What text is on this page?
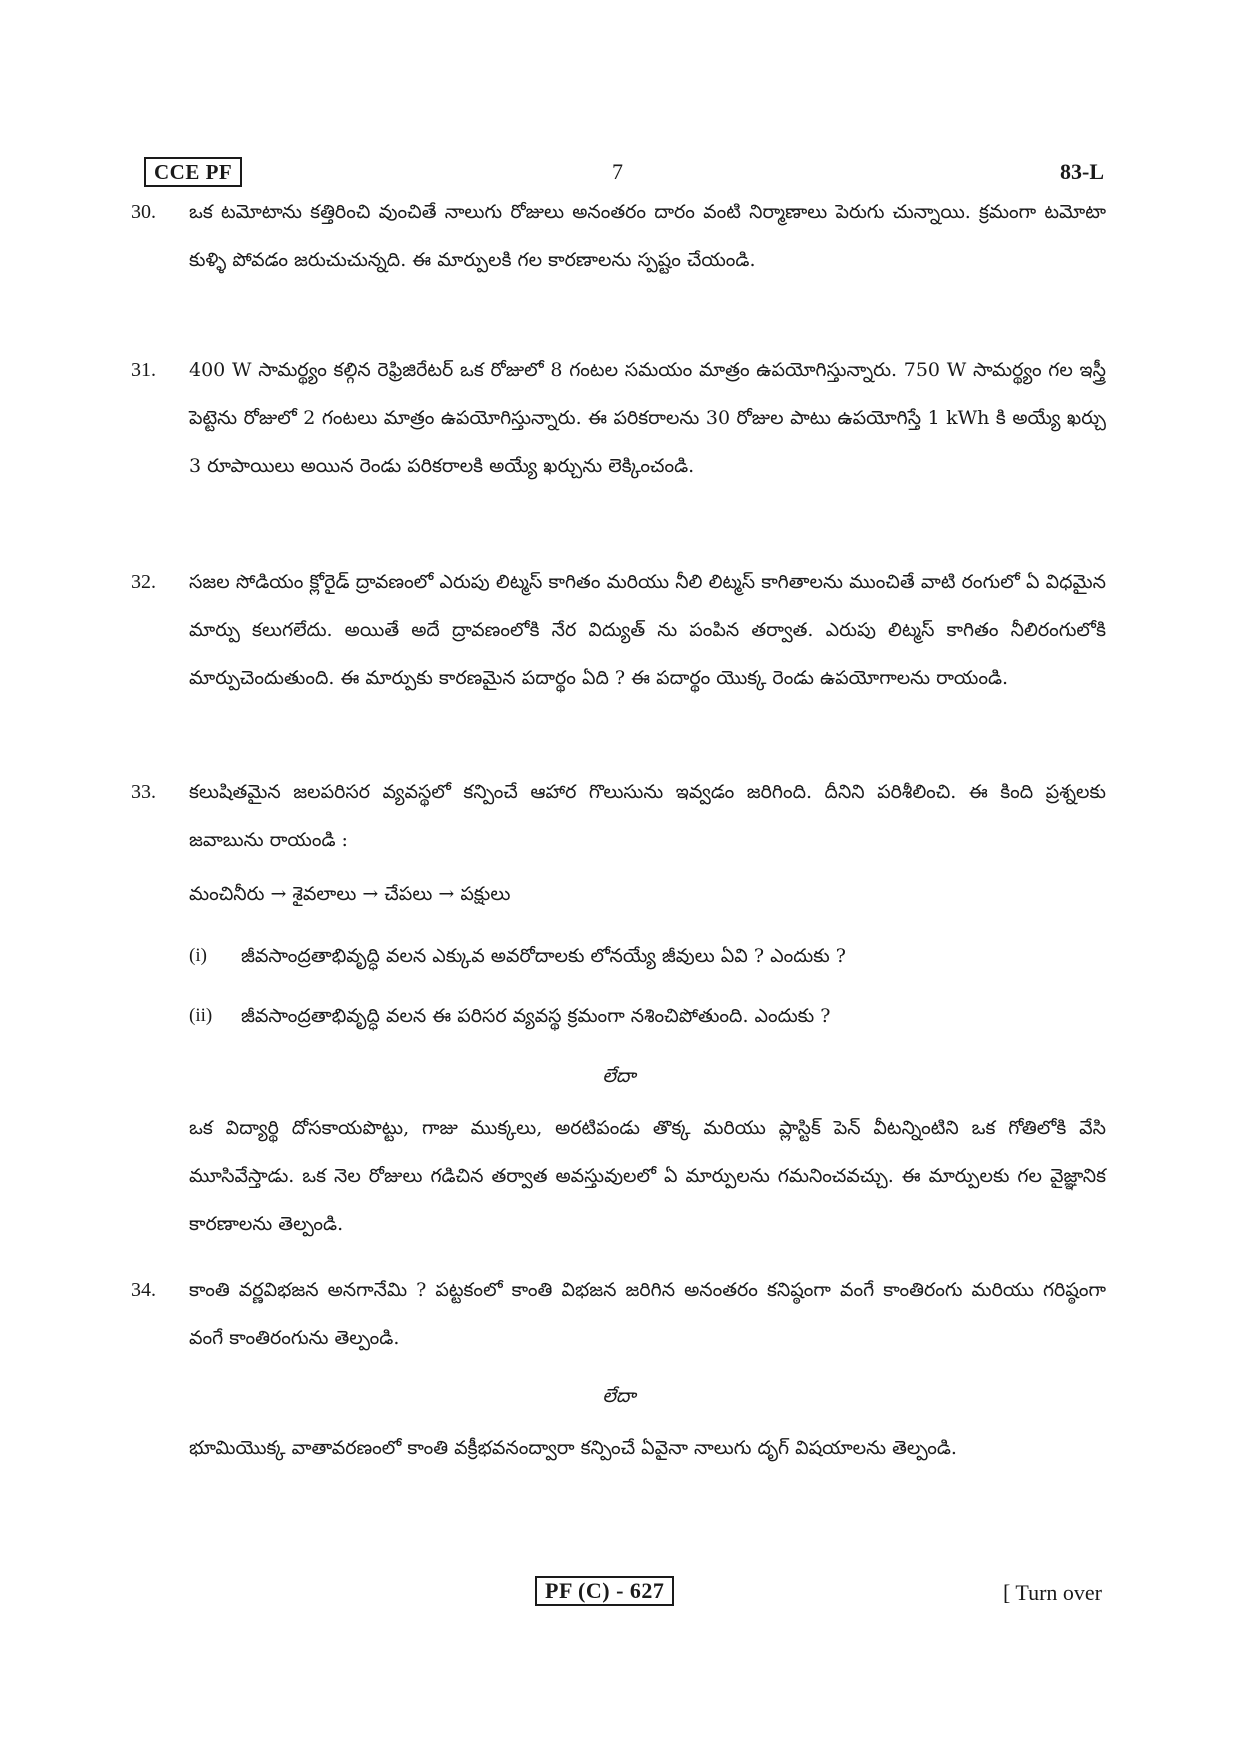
CCE PF	7	83-L
30. ఒక టమోటాను కత్తిరించి వుంచితే నాలుగు రోజులు అనంతరం దారం వంటి నిర్మాణాలు పెరుగు చున్నాయి. క్రమంగా టమోటా కుళ్ళి పోవడం జరుచుచున్నది. ఈ మార్పులకి గల కారణాలను స్పష్టం చేయండి.
31. 400 W సామర్థ్యం కల్గిన రెఫ్రిజిరేటర్ ఒక రోజులో 8 గంటల సమయం మాత్రం ఉపయోగిస్తున్నారు. 750 W సామర్థ్యం గల ఇస్త్రీ పెట్టెను రోజులో 2 గంటలు మాత్రం ఉపయోగిస్తున్నారు. ఈ పరికరాలను 30 రోజుల పాటు ఉపయోగిస్తే 1 kWh కి అయ్యే ఖర్చు 3 రూపాయిలు అయిన రెండు పరికరాలకి అయ్యే ఖర్చును లెక్కించండి.
32. సజల సోడియం క్లోరైడ్ ద్రావణంలో ఎరుపు లిట్మస్ కాగితం మరియు నీలి లిట్మస్ కాగితాలను ముంచితే వాటి రంగులో ఏ విధమైన మార్పు కలుగలేదు. అయితే అదే ద్రావణంలోకి నేర విద్యుత్ ను పంపిన తర్వాత. ఎరుపు లిట్మస్ కాగితం నీలిరంగులోకి మార్పుచెందుతుంది. ఈ మార్పుకు కారణమైన పదార్థం ఏది ? ఈ పదార్థం యొక్క రెండు ఉపయోగాలను రాయండి.
33. కలుషితమైన జలపరిసర వ్యవస్థలో కన్పించే ఆహార గొలుసును ఇవ్వడం జరిగింది. దీనిని పరిశీలించి. ఈ కింది ప్రశ్నలకు జవాబును రాయండి :
మంచినీరు → శైవలాలు → చేపలు → పక్షులు
(i) జీవసాంద్రతాభివృద్ధి వలన ఎక్కువ అవరోదాలకు లోనయ్యే జీవులు ఏవి ? ఎందుకు ?
(ii) జీవసాంద్రతాభివృద్ధి వలన ఈ పరిసర వ్యవస్థ క్రమంగా నశించిపోతుంది. ఎందుకు ?
లేదా
ఒక విద్యార్థి దోసకాయపొట్టు, గాజు ముక్కలు, అరటిపండు తొక్క మరియు ప్లాస్టిక్ పెన్ వీటన్నింటిని ఒక గోతిలోకి వేసి మూసివేస్తాడు. ఒక నెల రోజులు గడిచిన తర్వాత అవస్తువులలో ఏ మార్పులను గమనించవచ్చు. ఈ మార్పులకు గల వైజ్ఞానిక కారణాలను తెల్పండి.
34. కాంతి వర్ణవిభజన అనగానేమి ? పట్టకంలో కాంతి విభజన జరిగిన అనంతరం కనిష్ఠంగా వంగే కాంతిరంగు మరియు గరిష్ఠంగా వంగే కాంతిరంగును తెల్పండి.
లేదా
భూమియొక్క వాతావరణంలో కాంతి వక్రీభవనంద్వారా కన్పించే ఏవైనా నాలుగు దృగ్ విషయాలను తెల్పండి.
PF (C) - 627	[ Turn over
